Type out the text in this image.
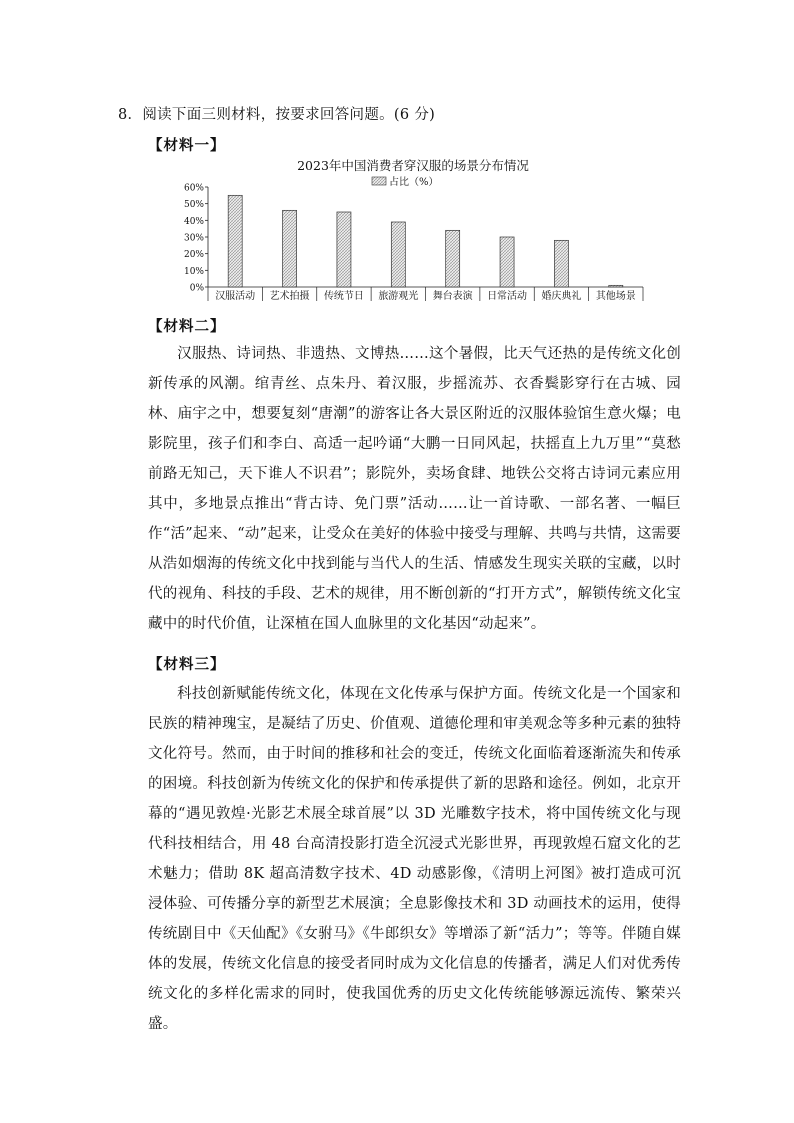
8．阅读下面三则材料，按要求回答问题。(6 分)
【材料一】
2023年中国消费者穿汉服的场景分布情况
占比（%）
0%
10%
20%
30%
40%
50%
60%
汉服活动 艺术拍摄 传统节日 旅游观光 舞台表演 日常活动 婚庆典礼 其他场景
【材料二】

汉服热、诗词热、非遗热、文博热……这个暑假，比天气还热的是传统文化创新传承的风潮。绾青丝、点朱丹、着汉服，步摇流苏、衣香鬓影穿行在古城、园林、庙宇之中，想要复刻“唐潮”的游客让各大景区附近的汉服体验馆生意火爆；电影院里，孩子们和李白、高适一起吟诵“大鹏一日同风起，扶摇直上九万里”“莫愁前路无知己，天下谁人不识君”；影院外，卖场食肆、地铁公交将古诗词元素应用其中，多地景点推出“背古诗、免门票”活动……让一首诗歌、一部名著、一幅巨作“活”起来、“动”起来，让受众在美好的体验中接受与理解、共鸣与共情，这需要从浩如烟海的传统文化中找到能与当代人的生活、情感发生现实关联的宝藏，以时代的视角、科技的手段、艺术的规律，用不断创新的“打开方式”，解锁传统文化宝藏中的时代价值，让深植在国人血脉里的文化基因“动起来”。

【材料三】

科技创新赋能传统文化，体现在文化传承与保护方面。传统文化是一个国家和民族的精神瑰宝，是凝结了历史、价值观、道德伦理和审美观念等多种元素的独特文化符号。然而，由于时间的推移和社会的变迁，传统文化面临着逐渐流失和传承的困境。科技创新为传统文化的保护和传承提供了新的思路和途径。例如，北京开幕的“遇见敦煌·光影艺术展全球首展”以 3D 光雕数字技术，将中国传统文化与现代科技相结合，用 48 台高清投影打造全沉浸式光影世界，再现敦煌石窟文化的艺术魅力；借助 8K 超高清数字技术、4D 动感影像，《清明上河图》被打造成可沉浸体验、可传播分享的新型艺术展演；全息影像技术和 3D 动画技术的运用，使得传统剧目中《天仙配》《女驸马》《牛郎织女》等增添了新“活力”；等等。伴随自媒体的发展，传统文化信息的接受者同时成为文化信息的传播者，满足人们对优秀传统文化的多样化需求的同时，使我国优秀的历史文化传统能够源远流传、繁荣兴盛。
